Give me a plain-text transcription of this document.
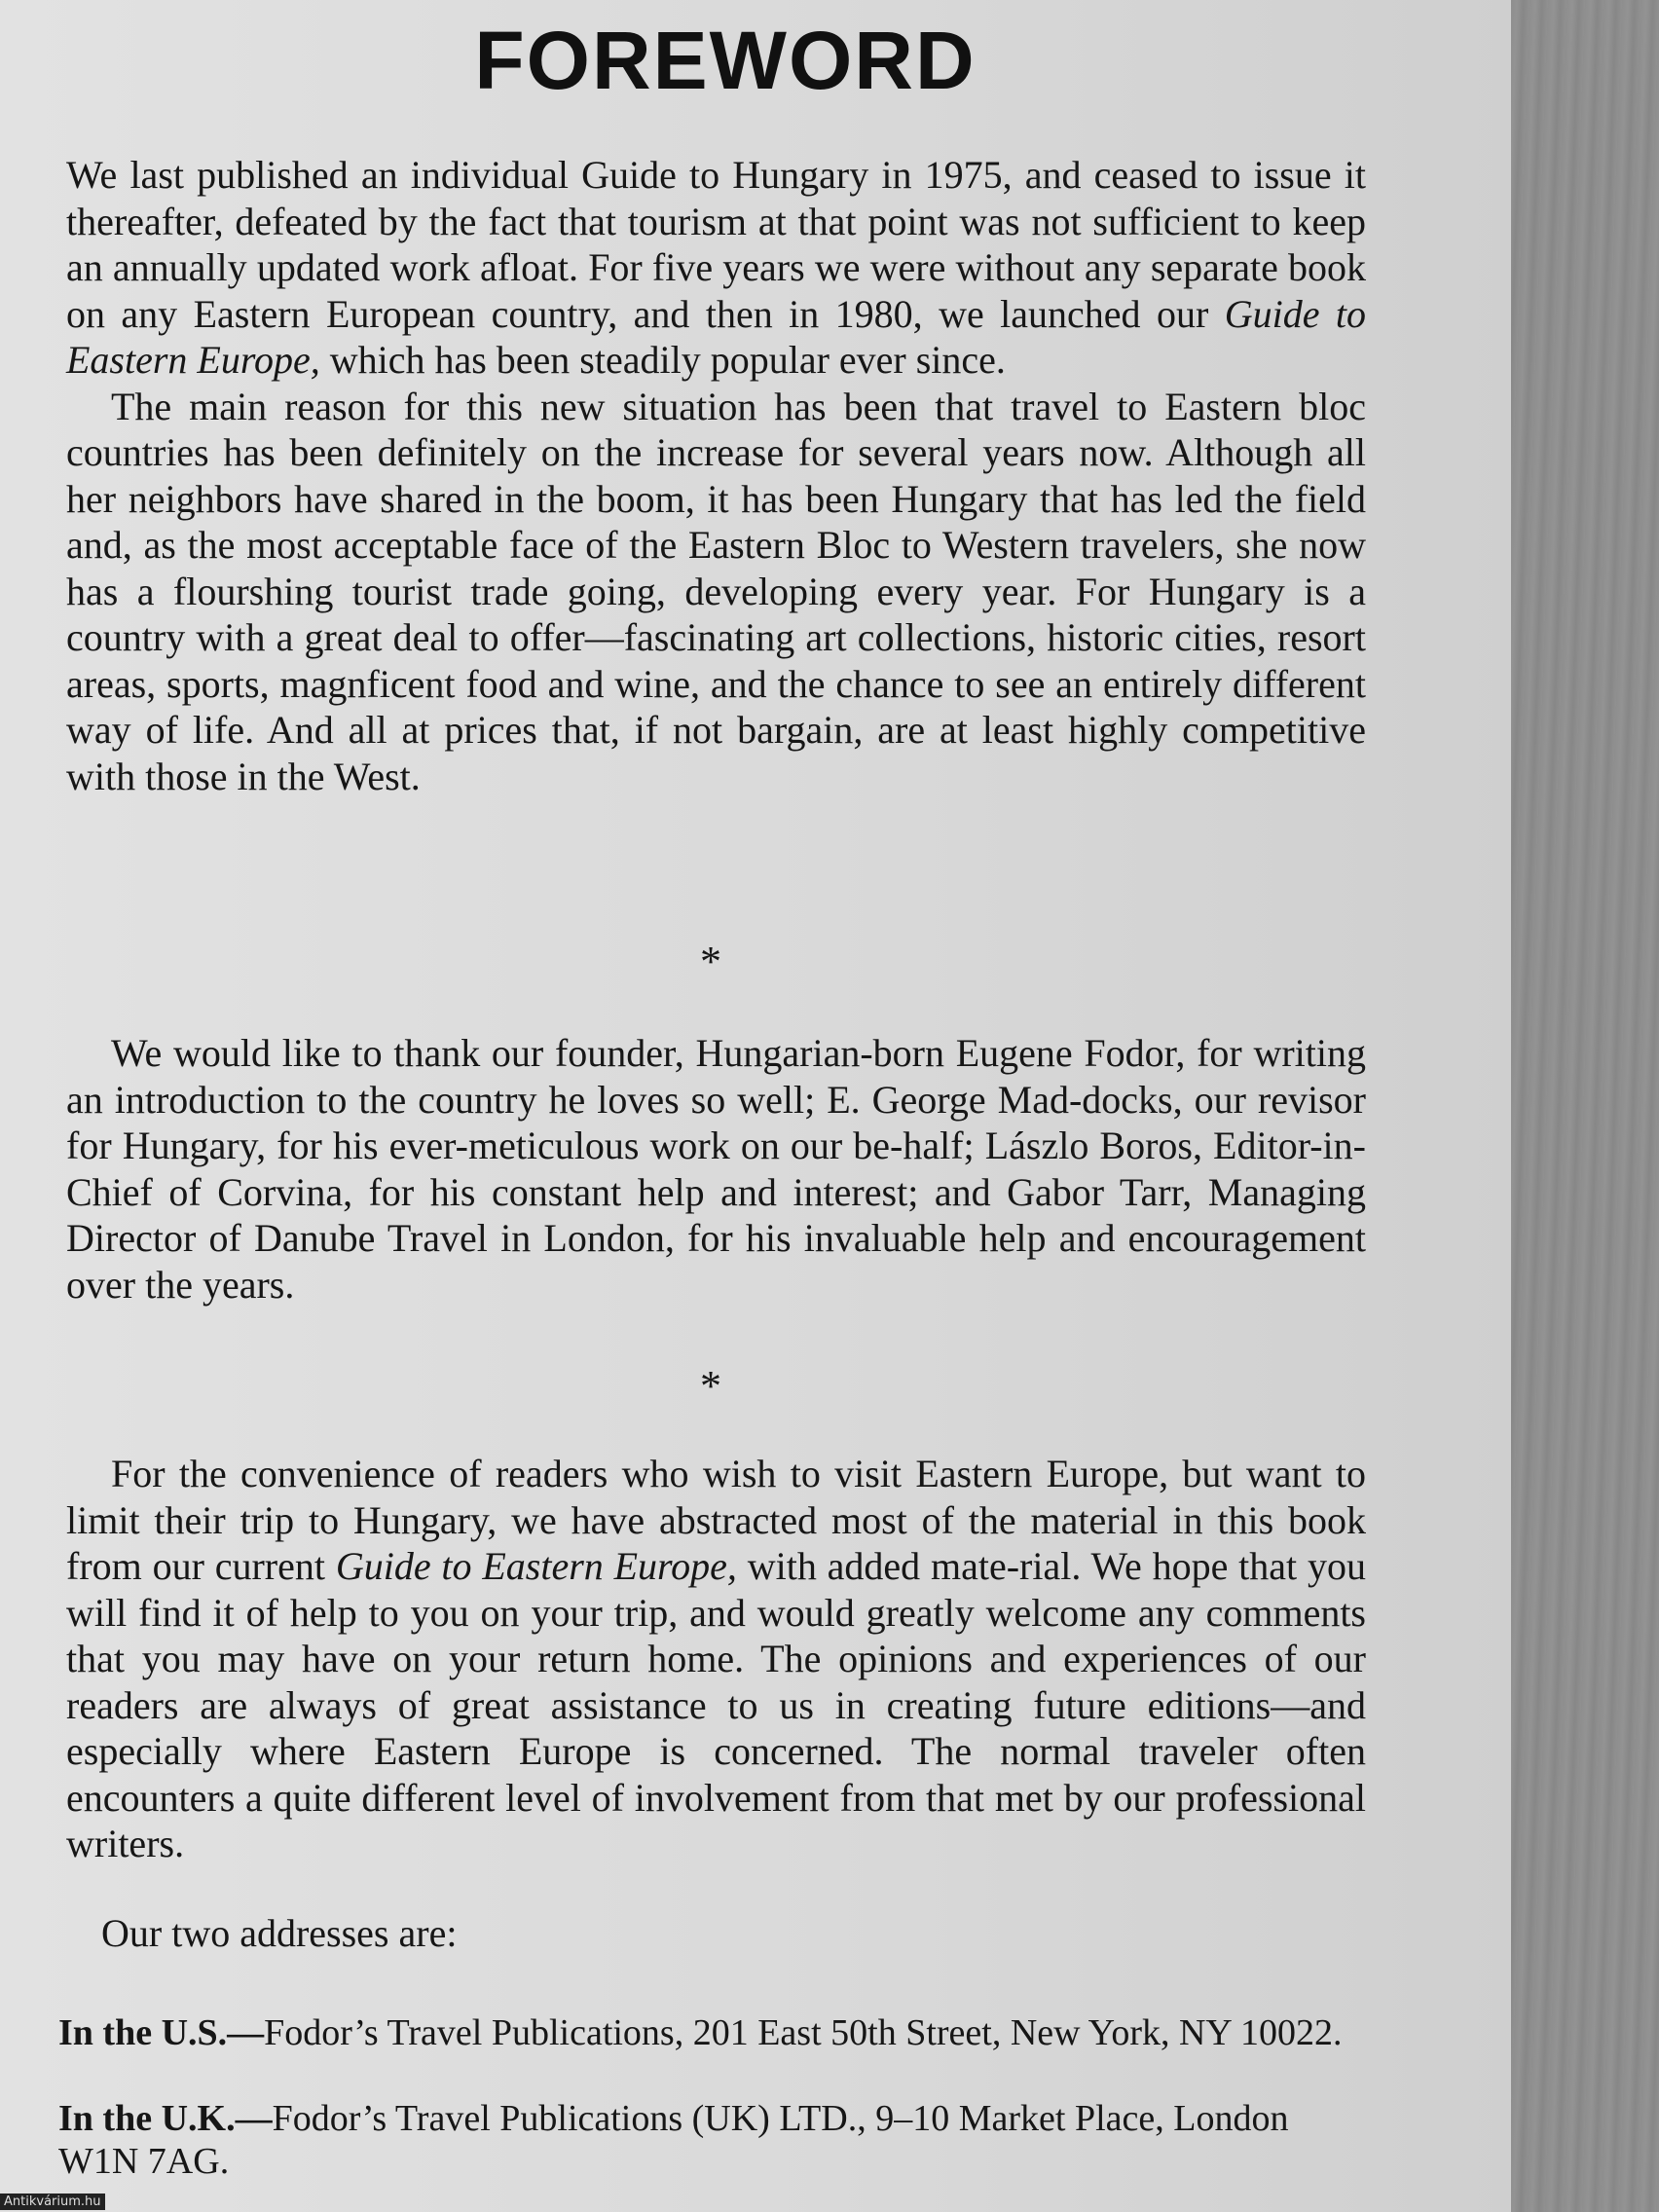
FOREWORD

We last published an individual Guide to Hungary in 1975, and ceased to issue it thereafter, defeated by the fact that tourism at that point was not sufficient to keep an annually updated work afloat. For five years we were without any separate book on any Eastern European country, and then in 1980, we launched our Guide to Eastern Europe, which has been steadily popular ever since.

The main reason for this new situation has been that travel to Eastern bloc countries has been definitely on the increase for several years now. Although all her neighbors have shared in the boom, it has been Hungary that has led the field and, as the most acceptable face of the Eastern Bloc to Western travelers, she now has a flourshing tourist trade going, developing every year. For Hungary is a country with a great deal to offer—fascinating art collections, historic cities, resort areas, sports, magnficent food and wine, and the chance to see an entirely different way of life. And all at prices that, if not bargain, are at least highly competitive with those in the West.

*

We would like to thank our founder, Hungarian-born Eugene Fodor, for writing an introduction to the country he loves so well; E. George Mad-docks, our revisor for Hungary, for his ever-meticulous work on our be-half; Lászlo Boros, Editor-in-Chief of Corvina, for his constant help and interest; and Gabor Tarr, Managing Director of Danube Travel in London, for his invaluable help and encouragement over the years.

*

For the convenience of readers who wish to visit Eastern Europe, but want to limit their trip to Hungary, we have abstracted most of the material in this book from our current Guide to Eastern Europe, with added mate-rial. We hope that you will find it of help to you on your trip, and would greatly welcome any comments that you may have on your return home. The opinions and experiences of our readers are always of great assistance to us in creating future editions—and especially where Eastern Europe is concerned. The normal traveler often encounters a quite different level of involvement from that met by our professional writers.

Our two addresses are:
In the U.S.—Fodor’s Travel Publications, 201 East 50th Street, New York, NY 10022.
In the U.K.—Fodor’s Travel Publications (UK) LTD., 9–10 Market Place, London W1N 7AG.
Antikvárium.hu
